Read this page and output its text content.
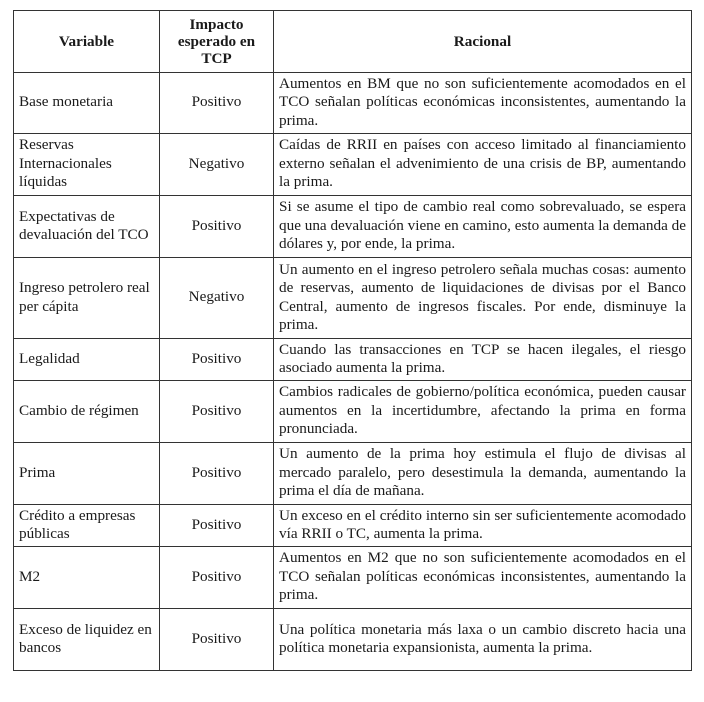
Variable	Impacto esperado en TCP	Racional
Base monetaria	Positivo	Aumentos en BM que no son suficientemente acomodados en el TCO señalan políticas económicas inconsistentes, aumentando la prima.
Reservas Internacionales líquidas	Negativo	Caídas de RRII en países con acceso limitado al financiamiento externo señalan el advenimiento de una crisis de BP, aumentando la prima.
Expectativas de devaluación del TCO	Positivo	Si se asume el tipo de cambio real como sobrevaluado, se espera que una devaluación viene en camino, esto aumenta la demanda de dólares y, por ende, la prima.
Ingreso petrolero real per cápita	Negativo	Un aumento en el ingreso petrolero señala muchas cosas: aumento de reservas, aumento de liquidaciones de divisas por el Banco Central, aumento de ingresos fiscales. Por ende, disminuye la prima.
Legalidad	Positivo	Cuando las transacciones en TCP se hacen ilegales, el riesgo asociado aumenta la prima.
Cambio de régimen	Positivo	Cambios radicales de gobierno/política económica, pueden causar aumentos en la incertidumbre, afectando la prima en forma pronunciada.
Prima	Positivo	Un aumento de la prima hoy estimula el flujo de divisas al mercado paralelo, pero desestimula la demanda, aumentando la prima el día de mañana.
Crédito a empresas públicas	Positivo	Un exceso en el crédito interno sin ser suficientemente acomodado vía RRII o TC, aumenta la prima.
M2	Positivo	Aumentos en M2 que no son suficientemente acomodados en el TCO señalan políticas económicas inconsistentes, aumentando la prima.
Exceso de liquidez en bancos	Positivo	Una política monetaria más laxa o un cambio discreto hacia una política monetaria expansionista, aumenta la prima.
